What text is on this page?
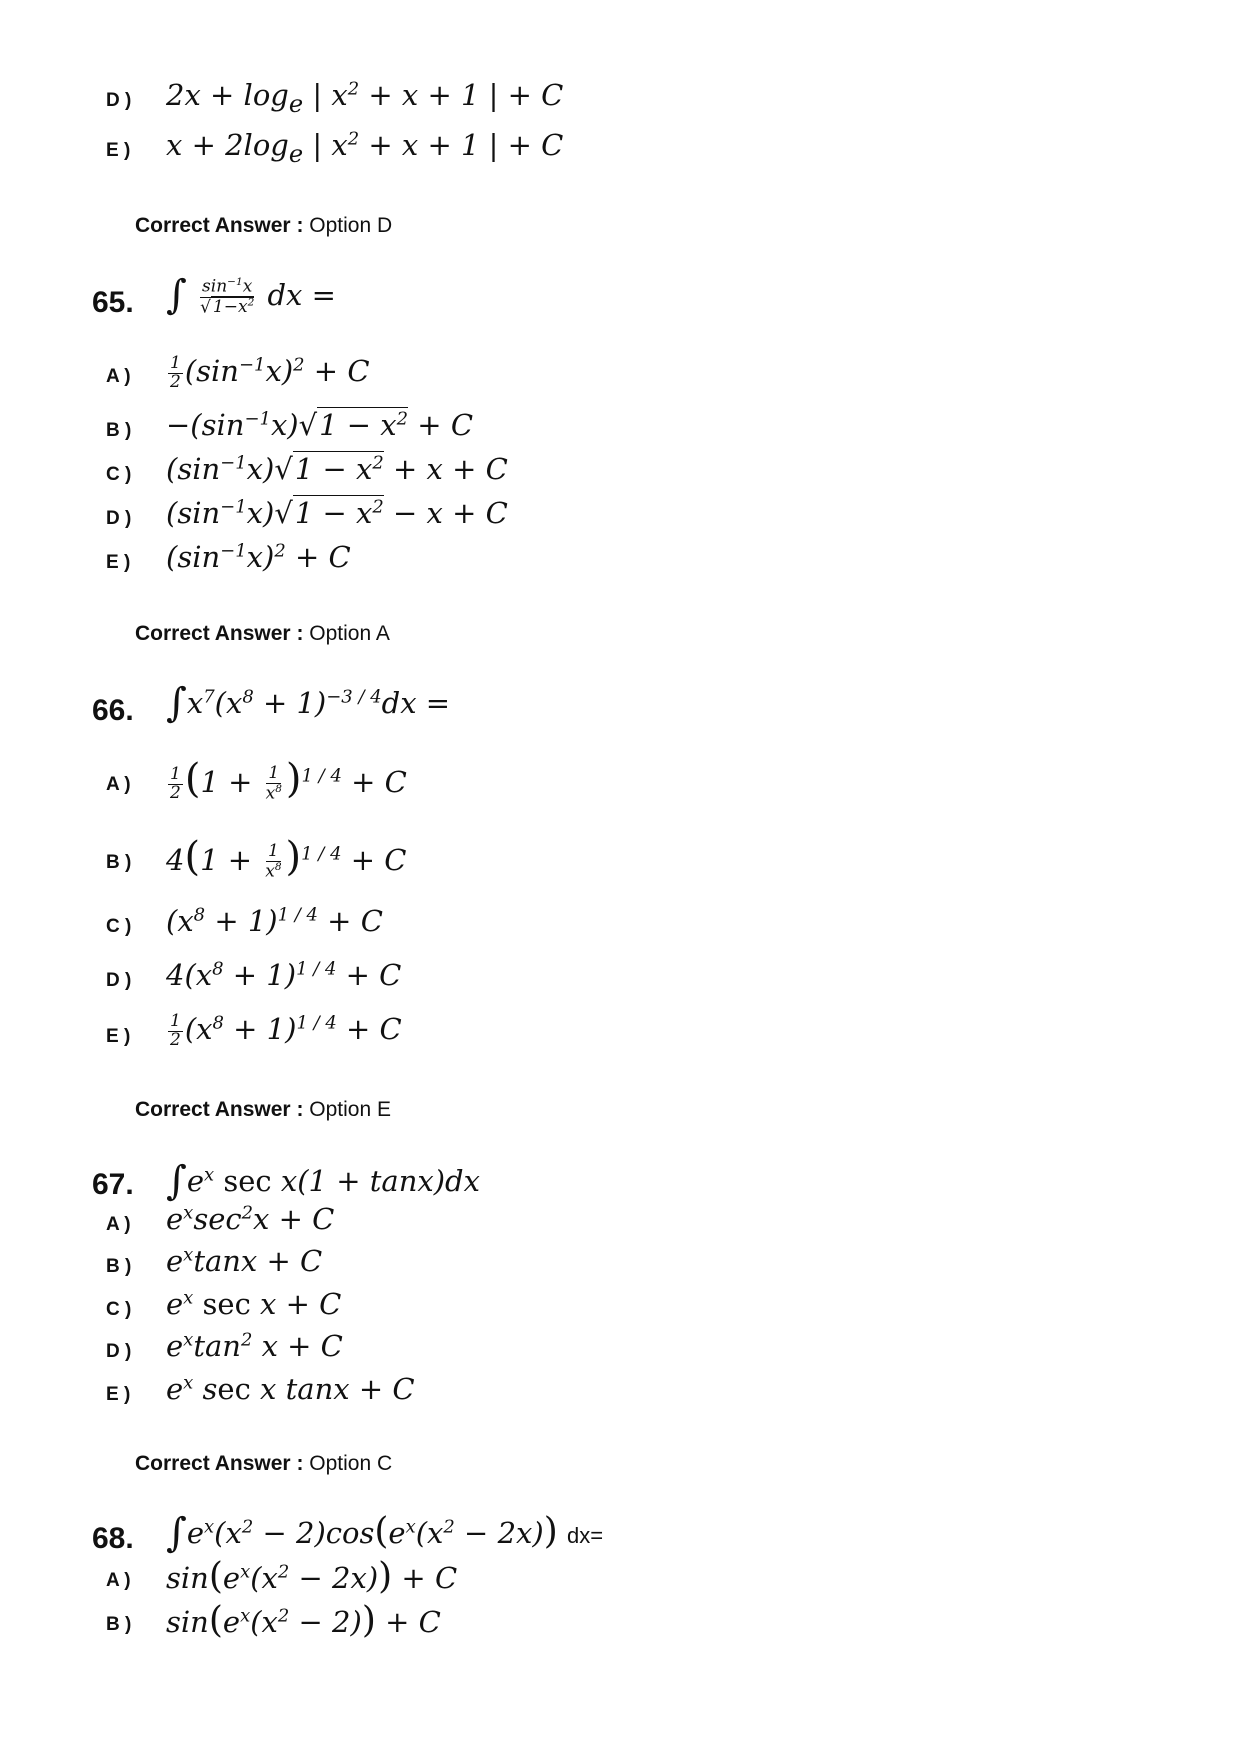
D ) $2x + \log_e$ | $x^2 + x + 1$ | + C
E ) $x + 2\log_e$ | $x^2 + x + 1$ | + C
Correct Answer : Option D
65. ∫ $\frac{\sin^{-1}x}{√ 1-x^2}$ dx =
A ) $\frac{1}{2} (\sin^{-1}x)^2 + C$
B ) $-(\sin^{-1}x)√1 - x^2 + C$
C ) $(\sin^{-1}x)√1 - x^2 + x + C$
D ) $(\sin^{-1}x)√1 - x^2 - x + C$
E ) $(\sin^{-1}x)^2 + C$
Correct Answer : Option A
66. $\int x^7(x^8 + 1)^{-3 / 4}dx$ =
A ) $\frac{1}{2} (1 + \frac{1}{x^8} )^{1 / 4} + C$
B ) $4(1 + \frac{1}{x^8} )^{1 / 4} + C$
C ) $(x^8 + 1)^{1 / 4} + C$
D ) $4(x^8 + 1)^{1 / 4} + C$
E ) $\frac{1}{2} (x^8 + 1)^{1 / 4} + C$
Correct Answer : Option E
67. $\int e^x$ sec x(1 + tanx)dx
A ) $e^x\sec^2x + C$
B ) $e^x\tan x + C$
C ) $e^x$ sec x + C
D ) $e^x\tan^2$ x + C
E ) $e^x$ sec x tanx + C
Correct Answer : Option C
68. $\int e^x(x^2 - 2)\cos(e^x(x^2 - 2x))$ dx=
A ) $\sin(e^x(x^2 - 2x)) + C$
B ) $\sin(e^x(x^2 - 2)) + C$
